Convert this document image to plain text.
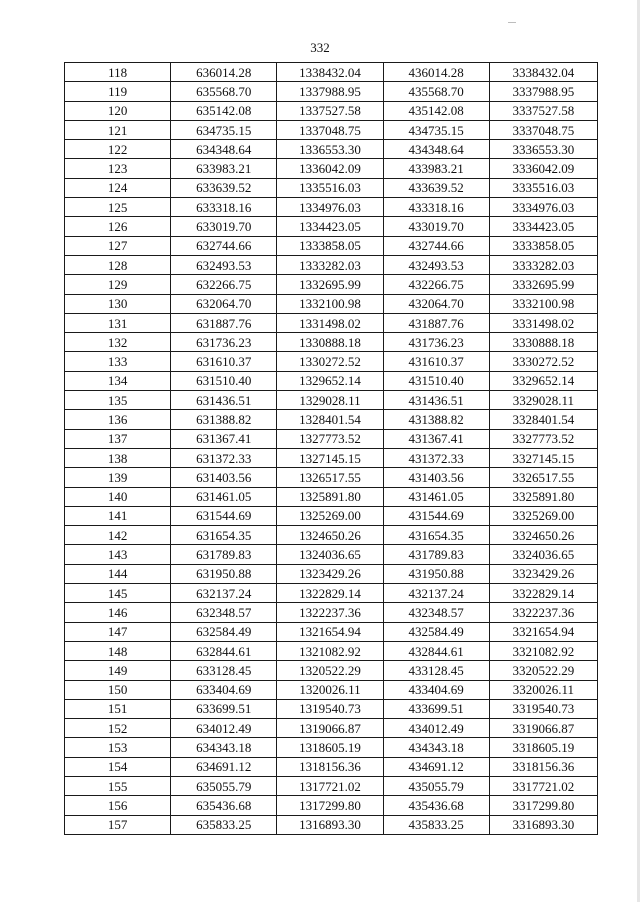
332
118	636014.28	1338432.04	436014.28	3338432.04
119	635568.70	1337988.95	435568.70	3337988.95
120	635142.08	1337527.58	435142.08	3337527.58
121	634735.15	1337048.75	434735.15	3337048.75
122	634348.64	1336553.30	434348.64	3336553.30
123	633983.21	1336042.09	433983.21	3336042.09
124	633639.52	1335516.03	433639.52	3335516.03
125	633318.16	1334976.03	433318.16	3334976.03
126	633019.70	1334423.05	433019.70	3334423.05
127	632744.66	1333858.05	432744.66	3333858.05
128	632493.53	1333282.03	432493.53	3333282.03
129	632266.75	1332695.99	432266.75	3332695.99
130	632064.70	1332100.98	432064.70	3332100.98
131	631887.76	1331498.02	431887.76	3331498.02
132	631736.23	1330888.18	431736.23	3330888.18
133	631610.37	1330272.52	431610.37	3330272.52
134	631510.40	1329652.14	431510.40	3329652.14
135	631436.51	1329028.11	431436.51	3329028.11
136	631388.82	1328401.54	431388.82	3328401.54
137	631367.41	1327773.52	431367.41	3327773.52
138	631372.33	1327145.15	431372.33	3327145.15
139	631403.56	1326517.55	431403.56	3326517.55
140	631461.05	1325891.80	431461.05	3325891.80
141	631544.69	1325269.00	431544.69	3325269.00
142	631654.35	1324650.26	431654.35	3324650.26
143	631789.83	1324036.65	431789.83	3324036.65
144	631950.88	1323429.26	431950.88	3323429.26
145	632137.24	1322829.14	432137.24	3322829.14
146	632348.57	1322237.36	432348.57	3322237.36
147	632584.49	1321654.94	432584.49	3321654.94
148	632844.61	1321082.92	432844.61	3321082.92
149	633128.45	1320522.29	433128.45	3320522.29
150	633404.69	1320026.11	433404.69	3320026.11
151	633699.51	1319540.73	433699.51	3319540.73
152	634012.49	1319066.87	434012.49	3319066.87
153	634343.18	1318605.19	434343.18	3318605.19
154	634691.12	1318156.36	434691.12	3318156.36
155	635055.79	1317721.02	435055.79	3317721.02
156	635436.68	1317299.80	435436.68	3317299.80
157	635833.25	1316893.30	435833.25	3316893.30
